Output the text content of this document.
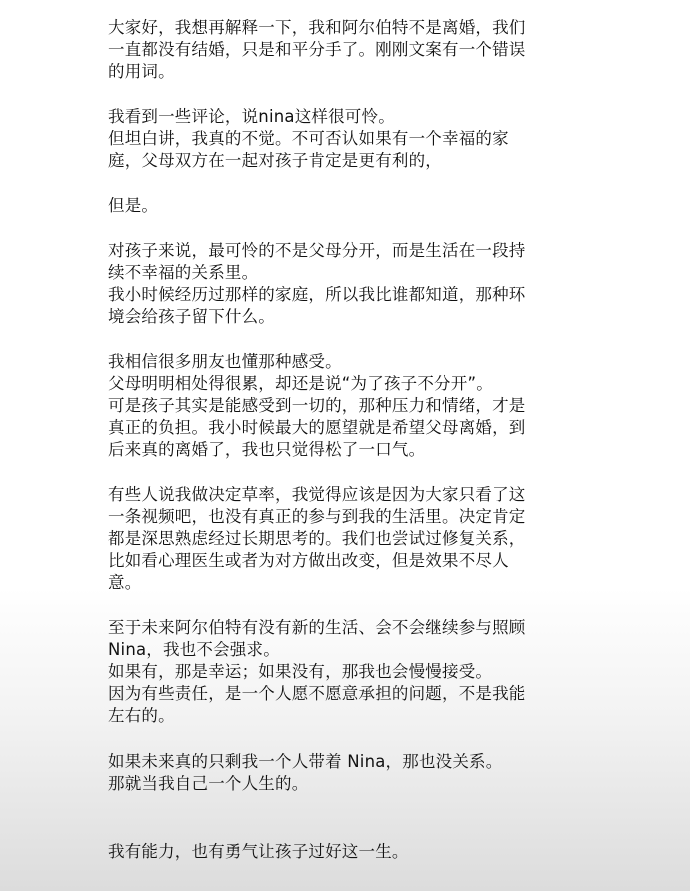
大家好，我想再解释一下，我和阿尔伯特不是离婚，我们

一直都没有结婚，只是和平分手了。刚刚文案有一个错误

的用词。

我看到一些评论，说nina这样很可怜。

但坦白讲，我真的不觉。不可否认如果有一个幸福的家

庭，父母双方在一起对孩子肯定是更有利的，

但是。

对孩子来说，最可怜的不是父母分开，而是生活在一段持

续不幸福的关系里。

我小时候经历过那样的家庭，所以我比谁都知道，那种环

境会给孩子留下什么。

我相信很多朋友也懂那种感受。

父母明明相处得很累，却还是说“为了孩子不分开”。

可是孩子其实是能感受到一切的，那种压力和情绪，才是

真正的负担。我小时候最大的愿望就是希望父母离婚，到

后来真的离婚了，我也只觉得松了一口气。

有些人说我做决定草率，我觉得应该是因为大家只看了这

一条视频吧，也没有真正的参与到我的生活里。决定肯定

都是深思熟虑经过长期思考的。我们也尝试过修复关系，

比如看心理医生或者为对方做出改变，但是效果不尽人

意。

至于未来阿尔伯特有没有新的生活、会不会继续参与照顾

Nina，我也不会强求。

如果有，那是幸运；如果没有，那我也会慢慢接受。

因为有些责任，是一个人愿不愿意承担的问题，不是我能

左右的。

如果未来真的只剩我一个人带着 Nina，那也没关系。

那就当我自己一个人生的。

我有能力，也有勇气让孩子过好这一生。
